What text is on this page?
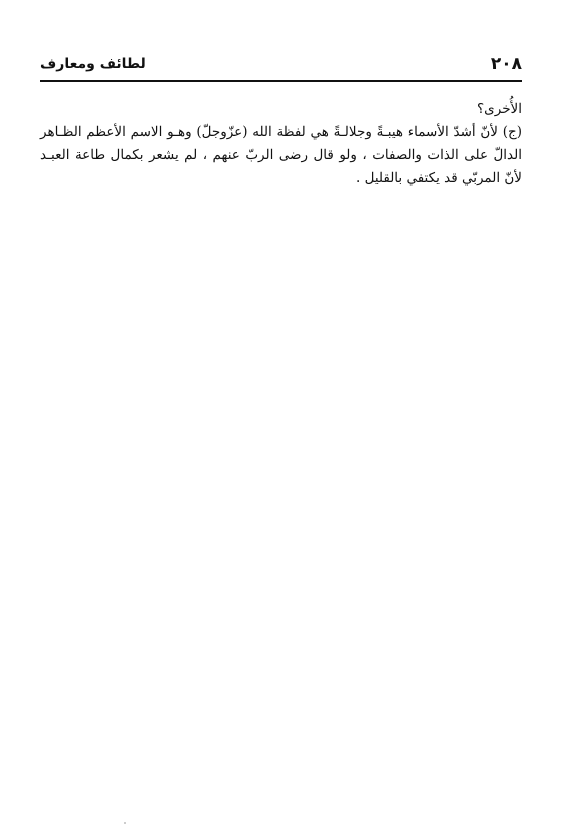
٢٠٨
لطائف ومعارف

الأُخرى؟

(ج) لأنّ أشدّ الأسماء هيبـةً وجلالـةً هي لفظة الله (عزّوجلّ) وهـو الاسم الأعظم الظـاهر
الدالّ على الذات والصفات ، ولو قال رضى الربّ عنهم ، لم يشعر بكمال طاعة العبـد
لأنّ المربّي قد يكتفي بالقليل .
